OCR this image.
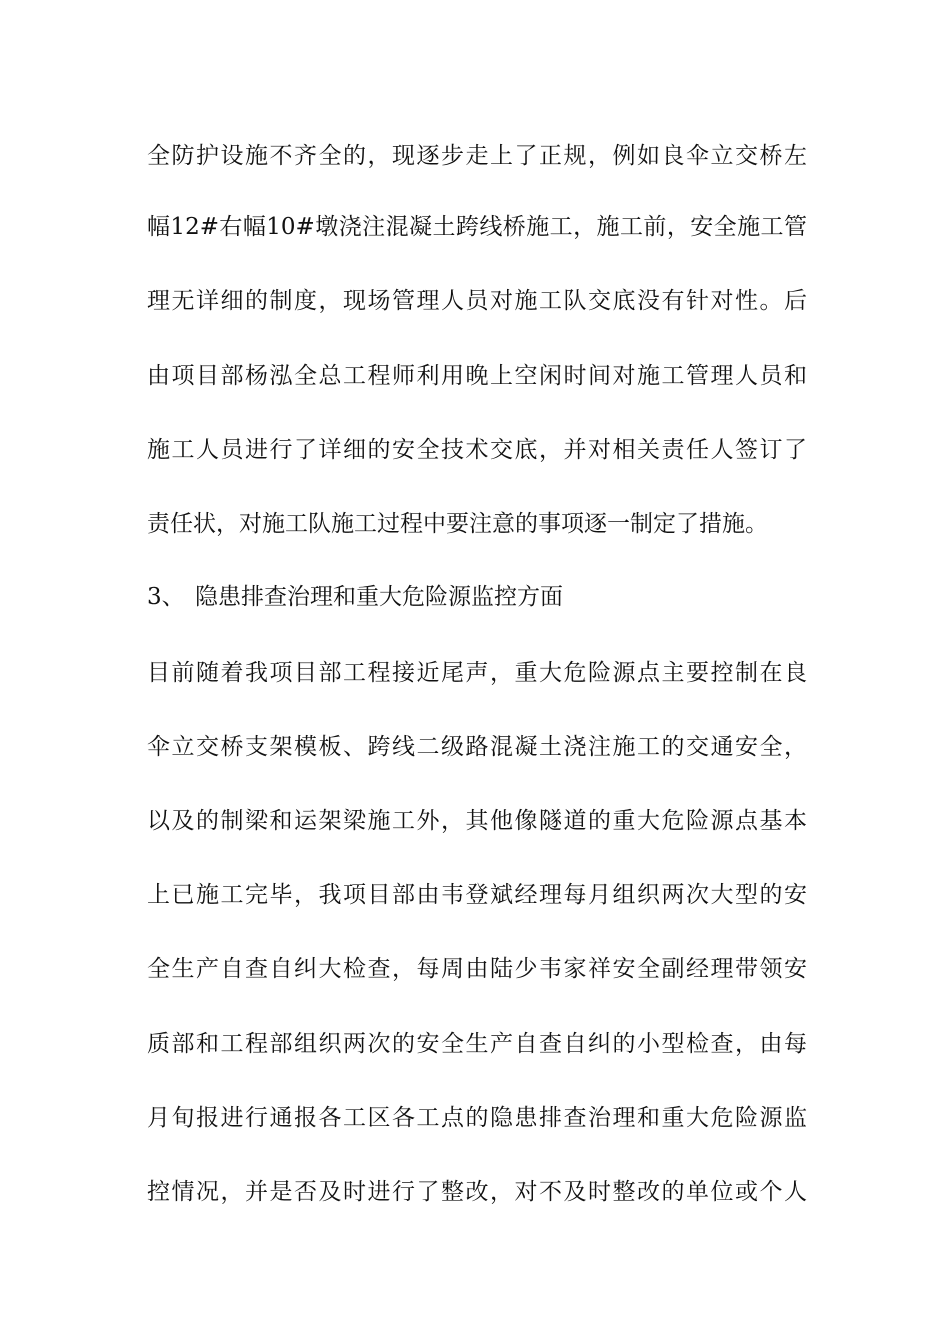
全防护设施不齐全的，现逐步走上了正规，例如良伞立交桥左
幅12#右幅10#墩浇注混凝土跨线桥施工，施工前，安全施工管
理无详细的制度，现场管理人员对施工队交底没有针对性。后
由项目部杨泓全总工程师利用晚上空闲时间对施工管理人员和
施工人员进行了详细的安全技术交底，并对相关责任人签订了
责任状，对施工队施工过程中要注意的事项逐一制定了措施。
3、 隐患排查治理和重大危险源监控方面
目前随着我项目部工程接近尾声，重大危险源点主要控制在良
伞立交桥支架模板、跨线二级路混凝土浇注施工的交通安全，
以及的制梁和运架梁施工外，其他像隧道的重大危险源点基本
上已施工完毕，我项目部由韦登斌经理每月组织两次大型的安
全生产自查自纠大检查，每周由陆少韦家祥安全副经理带领安
质部和工程部组织两次的安全生产自查自纠的小型检查，由每
月旬报进行通报各工区各工点的隐患排查治理和重大危险源监
控情况，并是否及时进行了整改，对不及时整改的单位或个人
